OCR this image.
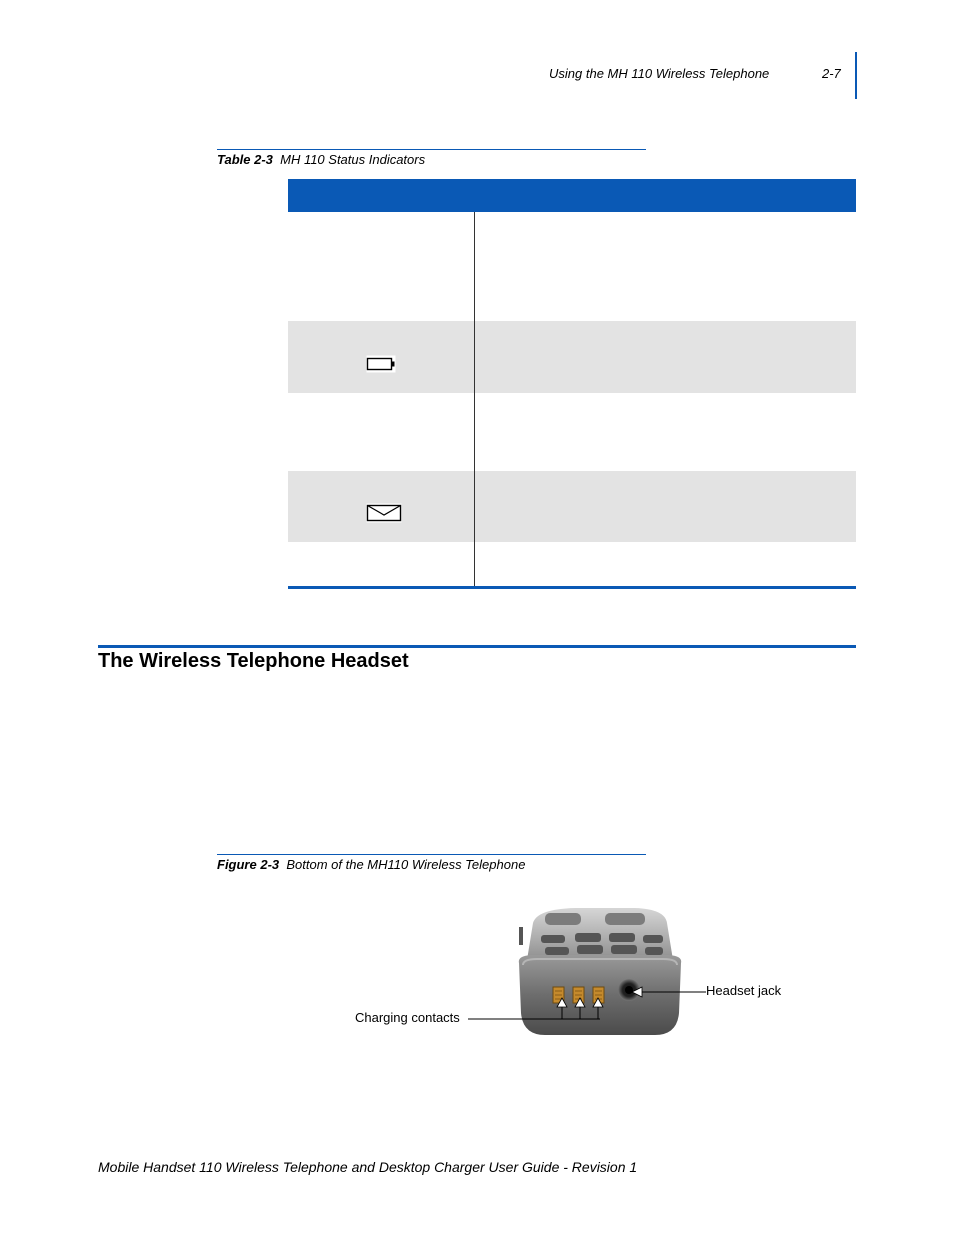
Using the MH 110 Wireless Telephone	2-7
Table 2-3 MH 110 Status Indicators
The Wireless Telephone Headset
Figure 2-3 Bottom of the MH110 Wireless Telephone
Headset jack
Charging contacts
Mobile Handset 110 Wireless Telephone and Desktop Charger User Guide - Revision 1
